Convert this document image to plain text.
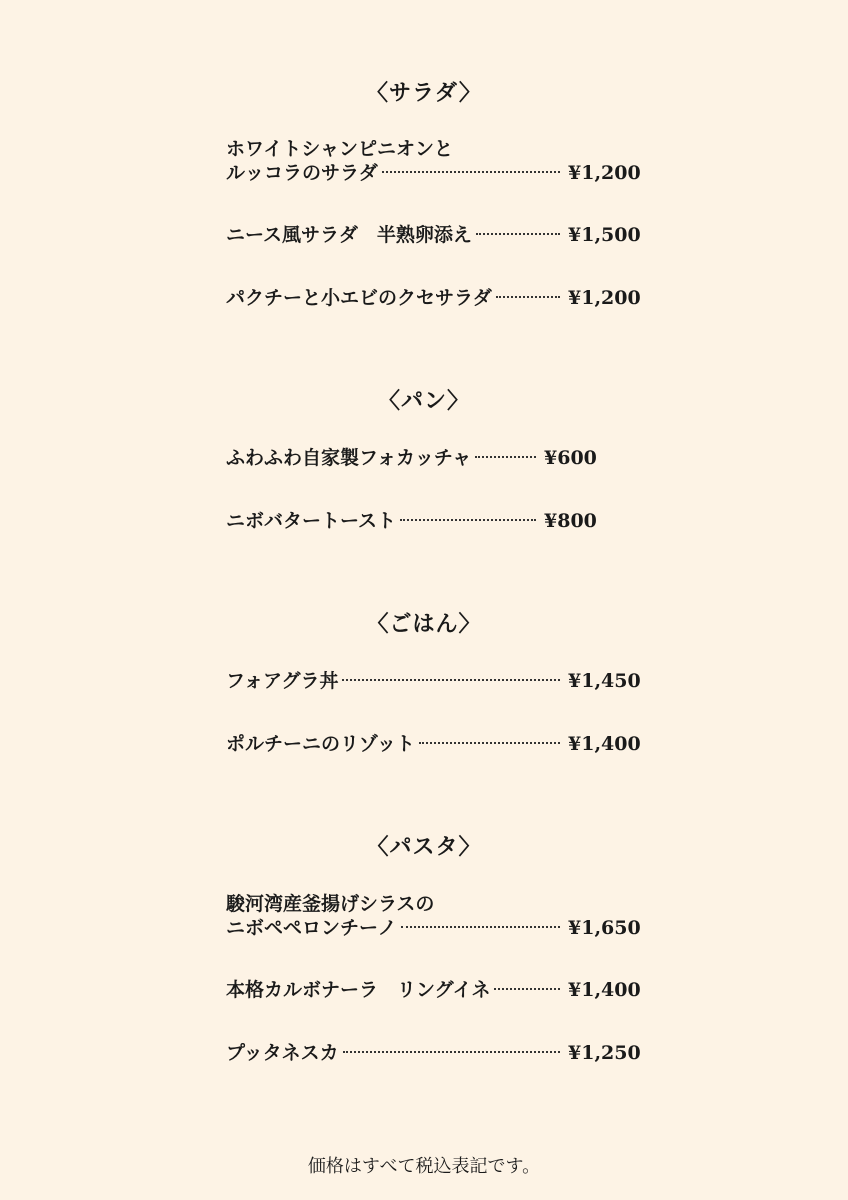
〈サラダ〉
ホワイトシャンピニオンと
ルッコラのサラダ	¥1,200
ニース風サラダ　半熟卵添え	¥1,500
パクチーと小エビのクセサラダ	¥1,200
〈パン〉
ふわふわ自家製フォカッチャ	¥600
ニボバタートースト	¥800
〈ごはん〉
フォアグラ丼	¥1,450
ポルチーニのリゾット	¥1,400
〈パスタ〉
駿河湾産釜揚げシラスの
ニボペペロンチーノ	¥1,650
本格カルボナーラ　リングイネ	¥1,400
プッタネスカ	¥1,250
価格はすべて税込表記です。
